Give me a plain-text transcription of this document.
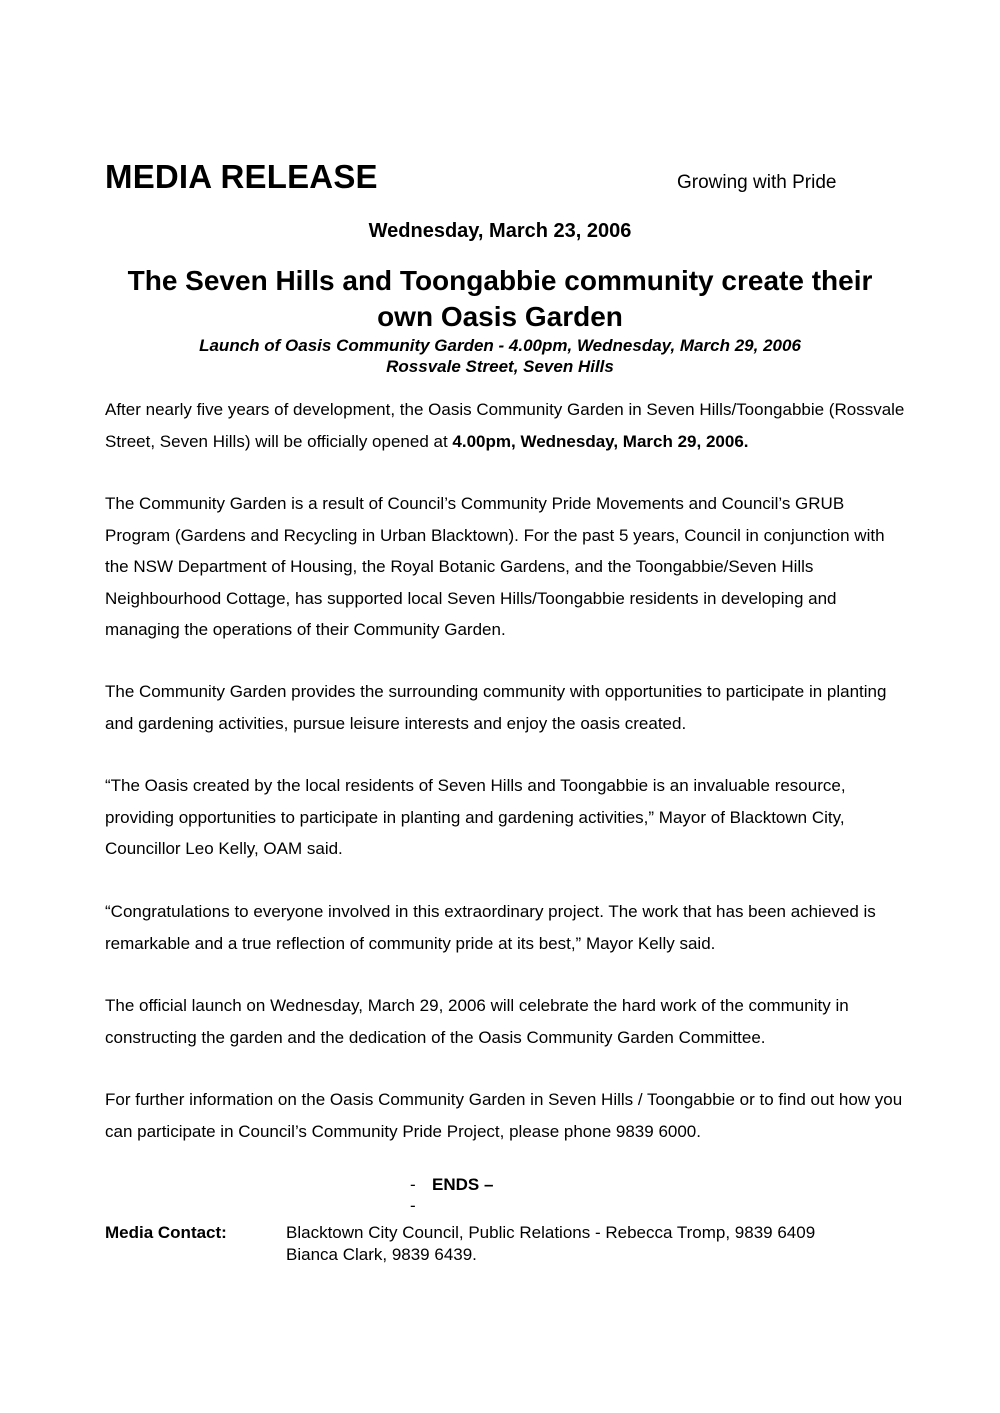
MEDIA RELEASE	Growing with Pride
Wednesday, March 23, 2006
The Seven Hills and Toongabbie community create their own Oasis Garden
Launch of Oasis Community Garden - 4.00pm, Wednesday, March 29, 2006
Rossvale Street, Seven Hills

After nearly five years of development, the Oasis Community Garden in Seven Hills/Toongabbie (Rossvale Street, Seven Hills) will be officially opened at 4.00pm, Wednesday, March 29, 2006.

The Community Garden is a result of Council’s Community Pride Movements and Council’s GRUB Program (Gardens and Recycling in Urban Blacktown). For the past 5 years, Council in conjunction with the NSW Department of Housing, the Royal Botanic Gardens, and the Toongabbie/Seven Hills Neighbourhood Cottage, has supported local Seven Hills/Toongabbie residents in developing and managing the operations of their Community Garden.

The Community Garden provides the surrounding community with opportunities to participate in planting and gardening activities, pursue leisure interests and enjoy the oasis created.

“The Oasis created by the local residents of Seven Hills and Toongabbie is an invaluable resource, providing opportunities to participate in planting and gardening activities,” Mayor of Blacktown City, Councillor Leo Kelly, OAM said.

“Congratulations to everyone involved in this extraordinary project. The work that has been achieved is remarkable and a true reflection of community pride at its best,” Mayor Kelly said.

The official launch on Wednesday, March 29, 2006 will celebrate the hard work of the community in constructing the garden and the dedication of the Oasis Community Garden Committee.

For further information on the Oasis Community Garden in Seven Hills / Toongabbie or to find out how you can participate in Council’s Community Pride Project, please phone 9839 6000.

- ENDS –
-
Media Contact:	Blacktown City Council, Public Relations - Rebecca Tromp, 9839 6409
Bianca Clark, 9839 6439.
